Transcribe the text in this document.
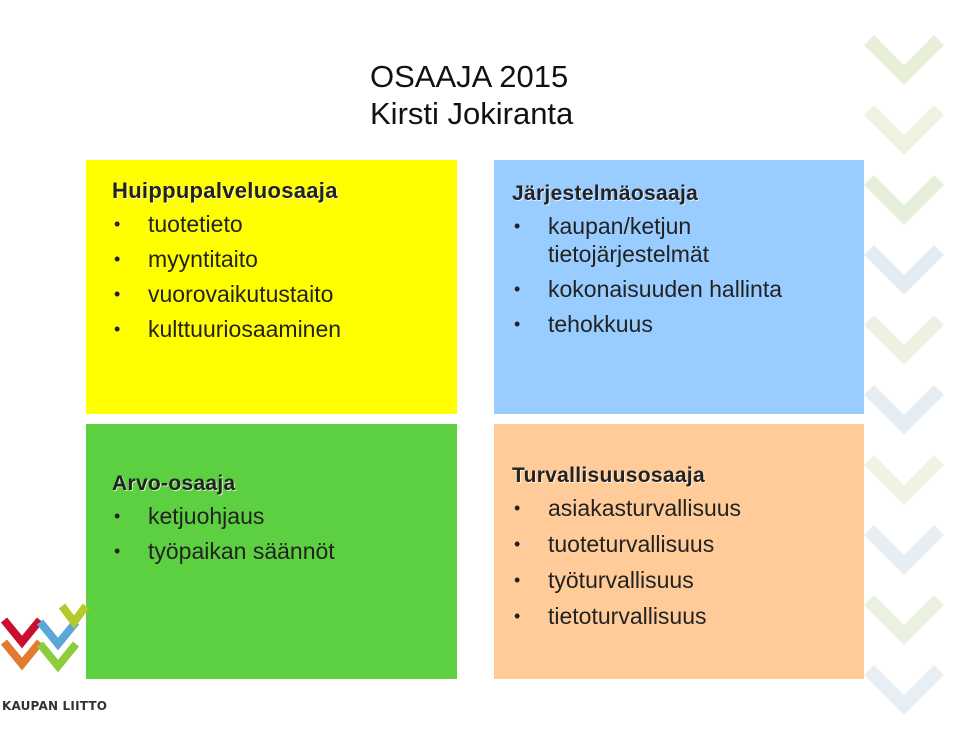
OSAAJA 2015
Kirsti Jokiranta
Huippupalveluosaaja
• tuotetieto
• myyntitaito
• vuorovaikutustaito
• kulttuuriosaaminen
Järjestelmäosaaja
• kaupan/ketjun
tietojärjestelmät
• kokonaisuuden hallinta
• tehokkuus
Arvo-osaaja
• ketjuohjaus
• työpaikan säännöt
Turvallisuusosaaja
• asiakasturvallisuus
• tuoteturvallisuus
• työturvallisuus
• tietoturvallisuus
KAUPAN LIITTO
